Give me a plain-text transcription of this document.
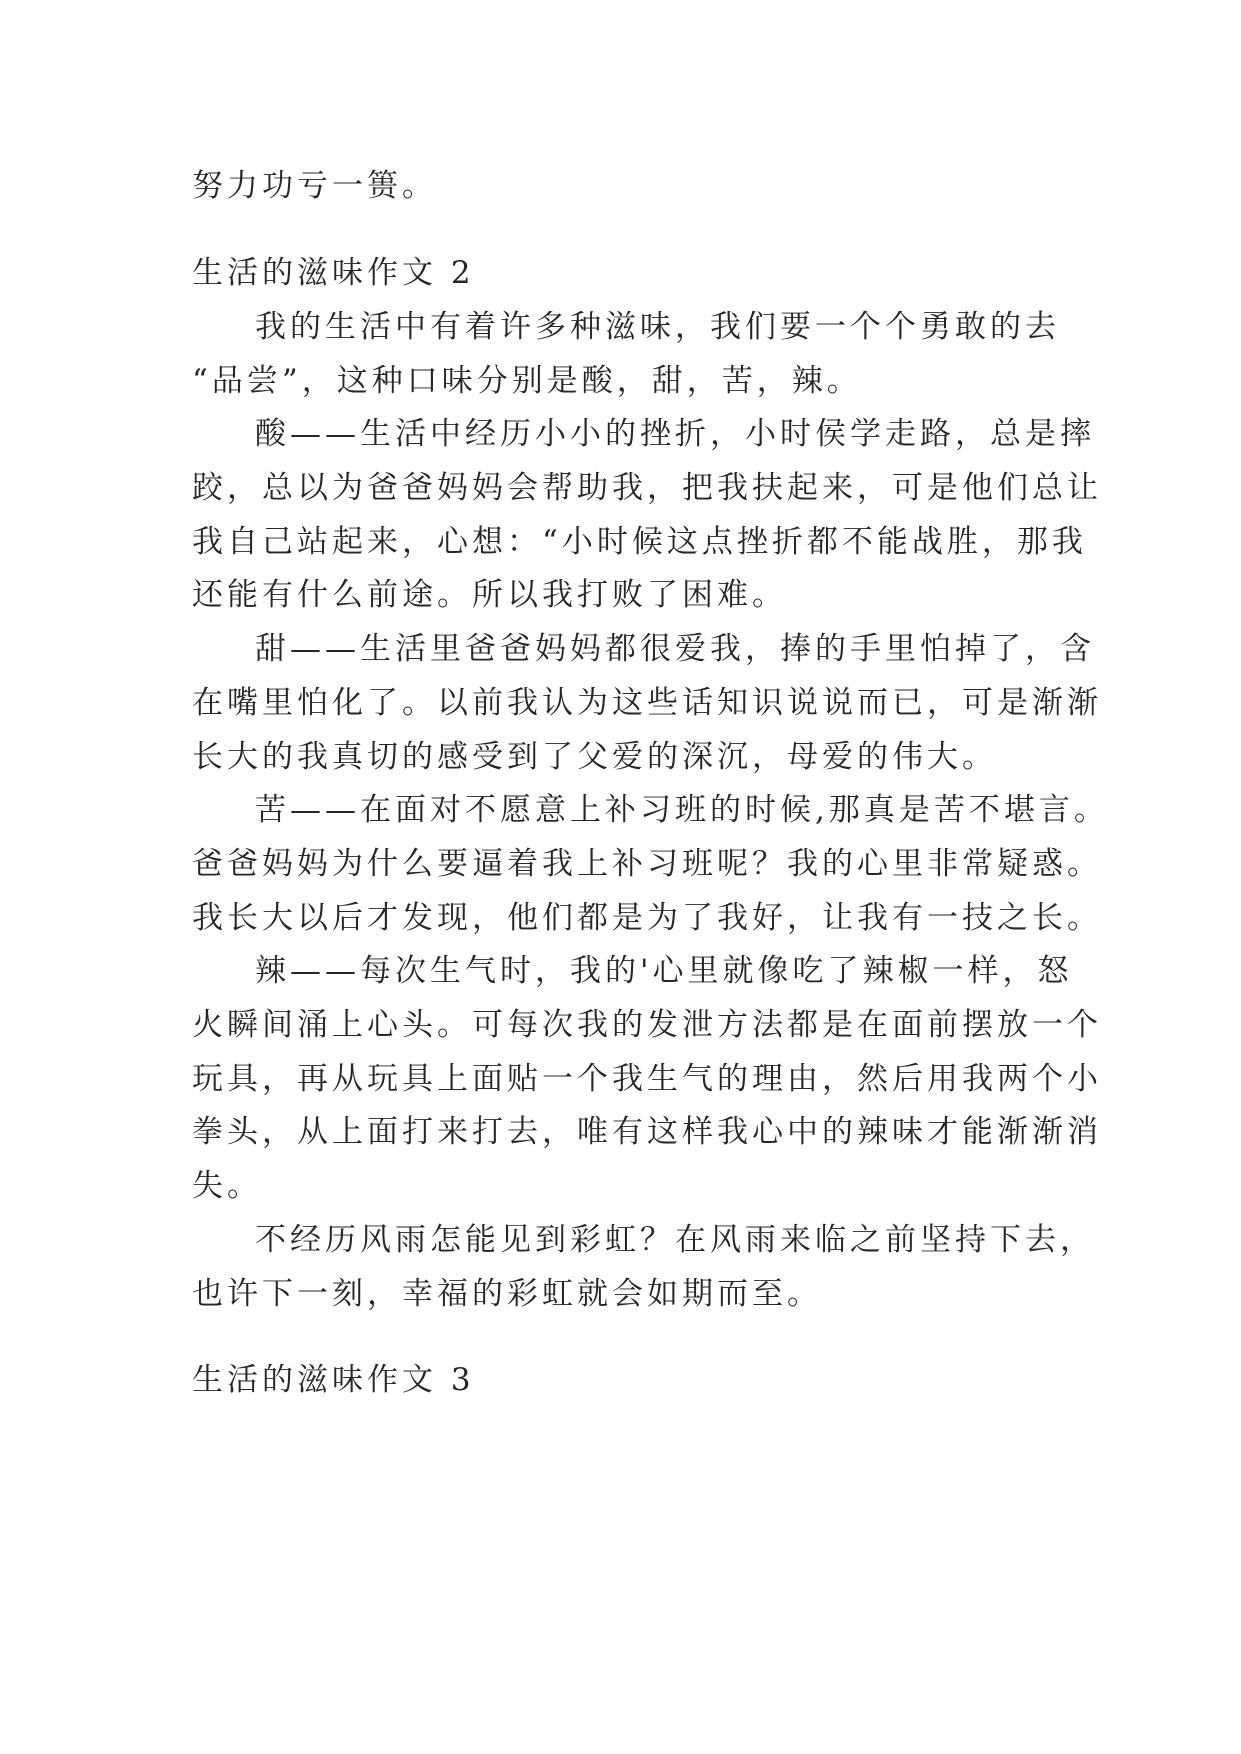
努力功亏一篑。
生活的滋味作文 2
我的生活中有着许多种滋味，我们要一个个勇敢的去
“品尝”，这种口味分别是酸，甜，苦，辣。
酸——生活中经历小小的挫折，小时侯学走路，总是摔
跤，总以为爸爸妈妈会帮助我，把我扶起来，可是他们总让
我自己站起来，心想：“小时候这点挫折都不能战胜，那我
还能有什么前途。所以我打败了困难。
甜——生活里爸爸妈妈都很爱我，捧的手里怕掉了，含
在嘴里怕化了。以前我认为这些话知识说说而已，可是渐渐
长大的我真切的感受到了父爱的深沉，母爱的伟大。
苦——在面对不愿意上补习班的时候,那真是苦不堪言。
爸爸妈妈为什么要逼着我上补习班呢？我的心里非常疑惑。
我长大以后才发现，他们都是为了我好，让我有一技之长。
辣——每次生气时，我的'心里就像吃了辣椒一样，怒
火瞬间涌上心头。可每次我的发泄方法都是在面前摆放一个
玩具，再从玩具上面贴一个我生气的理由，然后用我两个小
拳头，从上面打来打去，唯有这样我心中的辣味才能渐渐消
失。
不经历风雨怎能见到彩虹？在风雨来临之前坚持下去，
也许下一刻，幸福的彩虹就会如期而至。
生活的滋味作文 3
